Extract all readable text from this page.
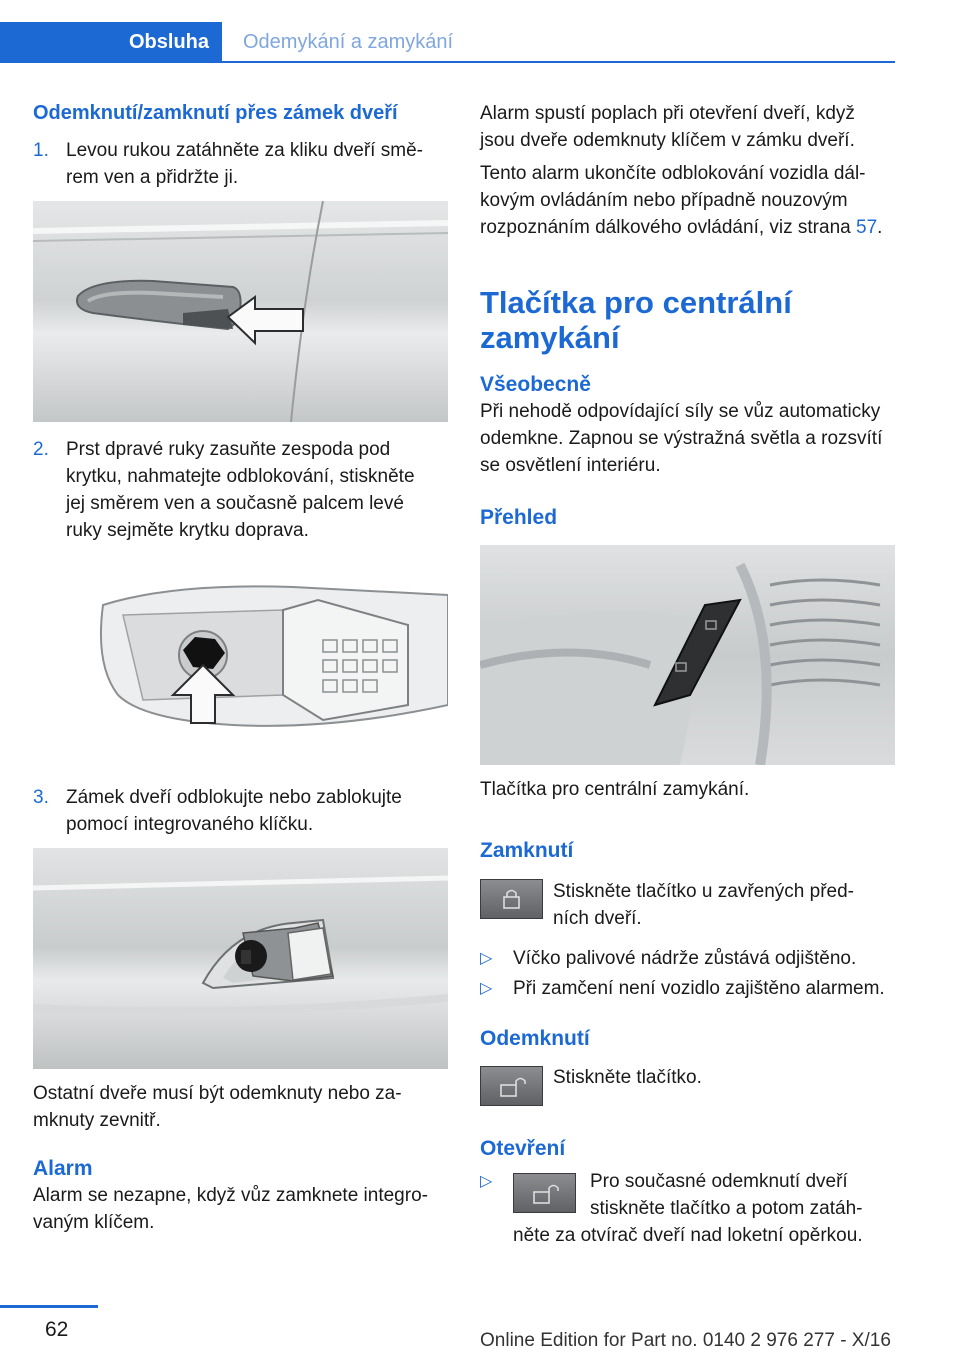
Obsluha	Odemykání a zamykání
Odemknutí/zamknutí přes zámek dveří
1. Levou rukou zatáhněte za kliku dveří smě‐
rem ven a přidržte ji.
2. Prst dpravé ruky zasuňte zespoda pod
krytku, nahmatejte odblokování, stiskněte
jej směrem ven a současně palcem levé
ruky sejměte krytku doprava.
3. Zámek dveří odblokujte nebo zablokujte
pomocí integrovaného klíčku.

Ostatní dveře musí být odemknuty nebo za‐

mknuty zevnitř.

Alarm

Alarm se nezapne, když vůz zamknete integro‐

vaným klíčem.

Alarm spustí poplach při otevření dveří, když

jsou dveře odemknuty klíčem v zámku dveří.

Tento alarm ukončíte odblokování vozidla dál‐

kovým ovládáním nebo případně nouzovým

rozpoznáním dálkového ovládání, viz strana 57.

Tlačítka pro centrální
zamykání
Všeobecně

Při nehodě odpovídající síly se vůz automaticky

odemkne. Zapnou se výstražná světla a rozsvítí

se osvětlení interiéru.

Přehled

Tlačítka pro centrální zamykání.

Zamknutí

Stiskněte tlačítko u zavřených před‐

ních dveří.

▷ Víčko palivové nádrže zůstává odjištěno.
▷ Při zamčení není vozidlo zajištěno alarmem.
Odemknutí

Stiskněte tlačítko.

Otevření
▷	Pro současné odemknutí dveří

stiskněte tlačítko a potom zatáh‐

něte za otvírač dveří nad loketní opěrkou.

62	Online Edition for Part no. 0140 2 976 277 - X/16
